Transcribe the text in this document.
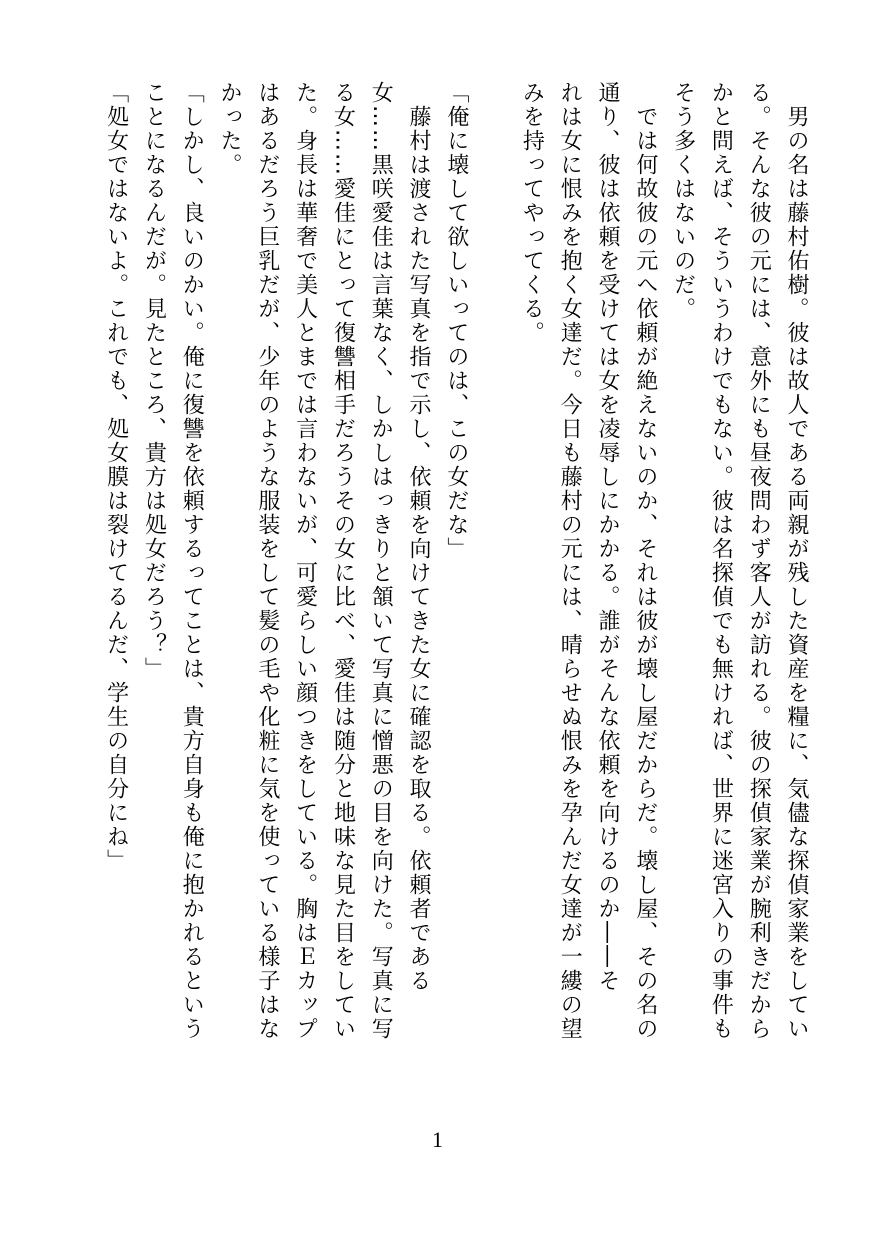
　男の名は藤村佑樹。彼は故人である両親が残した資産を糧に、気儘な探偵家業をしてい
る。そんな彼の元には、意外にも昼夜問わず客人が訪れる。彼の探偵家業が腕利きだから
かと問えば、そういうわけでもない。彼は名探偵でも無ければ、世界に迷宮入りの事件も
そう多くはないのだ。
　では何故彼の元へ依頼が絶えないのか、それは彼が壊し屋だからだ。壊し屋、その名の
通り、彼は依頼を受けては女を凌辱しにかかる。誰がそんな依頼を向けるのか――そ
れは女に恨みを抱く女達だ。今日も藤村の元には、晴らせぬ恨みを孕んだ女達が一縷の望
みを持ってやってくる。
「俺に壊して欲しいってのは、この女だな」
　藤村は渡された写真を指で示し、依頼を向けてきた女に確認を取る。依頼者である
女……黒咲愛佳は言葉なく、しかしはっきりと頷いて写真に憎悪の目を向けた。写真に写
る女……愛佳にとって復讐相手だろうその女に比べ、愛佳は随分と地味な見た目をしてい
た。身長は華奢で美人とまでは言わないが、可愛らしい顔つきをしている。胸はＥカップ
はあるだろう巨乳だが、少年のような服装をして髪の毛や化粧に気を使っている様子はな
かった。
「しかし、良いのかい。俺に復讐を依頼するってことは、貴方自身も俺に抱かれるという
ことになるんだが。見たところ、貴方は処女だろう？」
「処女ではないよ。これでも、処女膜は裂けてるんだ、学生の自分にね」
1
